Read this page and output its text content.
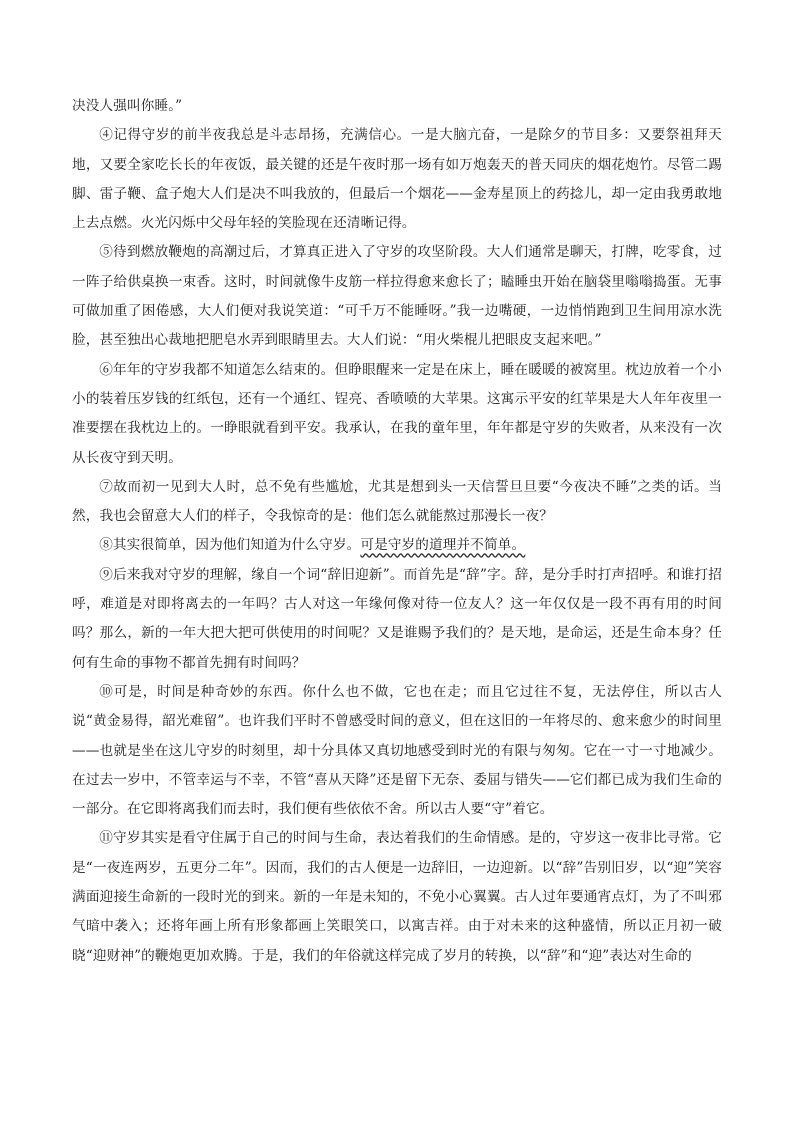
决没人强叫你睡。”

④记得守岁的前半夜我总是斗志昂扬，充满信心。一是大脑亢奋，一是除夕的节目多：又要祭祖拜天地，又要全家吃长长的年夜饭，最关键的还是午夜时那一场有如万炮轰天的普天同庆的烟花炮竹。尽管二踢脚、雷子鞭、盒子炮大人们是决不叫我放的，但最后一个烟花——金寿星顶上的药捻儿，却一定由我勇敢地上去点燃。火光闪烁中父母年轻的笑脸现在还清晰记得。

⑤待到燃放鞭炮的高潮过后，才算真正进入了守岁的攻坚阶段。大人们通常是聊天，打牌，吃零食，过一阵子给供桌换一束香。这时，时间就像牛皮筋一样拉得愈来愈长了；瞌睡虫开始在脑袋里嗡嗡捣蛋。无事可做加重了困倦感，大人们便对我说笑道：“可千万不能睡呀。”我一边嘴硬，一边悄悄跑到卫生间用凉水洗脸，甚至独出心裁地把肥皂水弄到眼睛里去。大人们说：“用火柴棍儿把眼皮支起来吧。”

⑥年年的守岁我都不知道怎么结束的。但睁眼醒来一定是在床上，睡在暖暖的被窝里。枕边放着一个小小的装着压岁钱的红纸包，还有一个通红、锃亮、香喷喷的大苹果。这寓示平安的红苹果是大人年年夜里一准要摆在我枕边上的。一睁眼就看到平安。我承认，在我的童年里，年年都是守岁的失败者，从来没有一次从长夜守到天明。

⑦故而初一见到大人时，总不免有些尴尬，尤其是想到头一天信誓旦旦要“今夜决不睡”之类的话。当然，我也会留意大人们的样子，令我惊奇的是：他们怎么就能熬过那漫长一夜？

⑧其实很简单，因为他们知道为什么守岁。可是守岁的道理并不简单。

⑨后来我对守岁的理解，缘自一个词“辞旧迎新”。而首先是“辞”字。辞，是分手时打声招呼。和谁打招呼，难道是对即将离去的一年吗？古人对这一年缘何像对待一位友人？这一年仅仅是一段不再有用的时间吗？那么，新的一年大把大把可供使用的时间呢？又是谁赐予我们的？是天地，是命运，还是生命本身？任何有生命的事物不都首先拥有时间吗？

⑩可是，时间是种奇妙的东西。你什么也不做，它也在走；而且它过往不复，无法停住，所以古人说“黄金易得，韶光难留”。也许我们平时不曾感受时间的意义，但在这旧的一年将尽的、愈来愈少的时间里——也就是坐在这儿守岁的时刻里，却十分具体又真切地感受到时光的有限与匆匆。它在一寸一寸地减少。在过去一岁中，不管幸运与不幸，不管“喜从天降”还是留下无奈、委屈与错失——它们都已成为我们生命的一部分。在它即将离我们而去时，我们便有些依依不舍。所以古人要“守”着它。

⑪守岁其实是看守住属于自己的时间与生命，表达着我们的生命情感。是的，守岁这一夜非比寻常。它是“一夜连两岁，五更分二年”。因而，我们的古人便是一边辞旧，一边迎新。以“辞”告别旧岁，以“迎”笑容满面迎接生命新的一段时光的到来。新的一年是未知的，不免小心翼翼。古人过年要通宵点灯，为了不叫邪气暗中袭入；还将年画上所有形象都画上笑眼笑口，以寓吉祥。由于对未来的这种盛情，所以正月初一破晓“迎财神”的鞭炮更加欢腾。于是，我们的年俗就这样完成了岁月的转换，以“辞”和“迎”表达对生命的
